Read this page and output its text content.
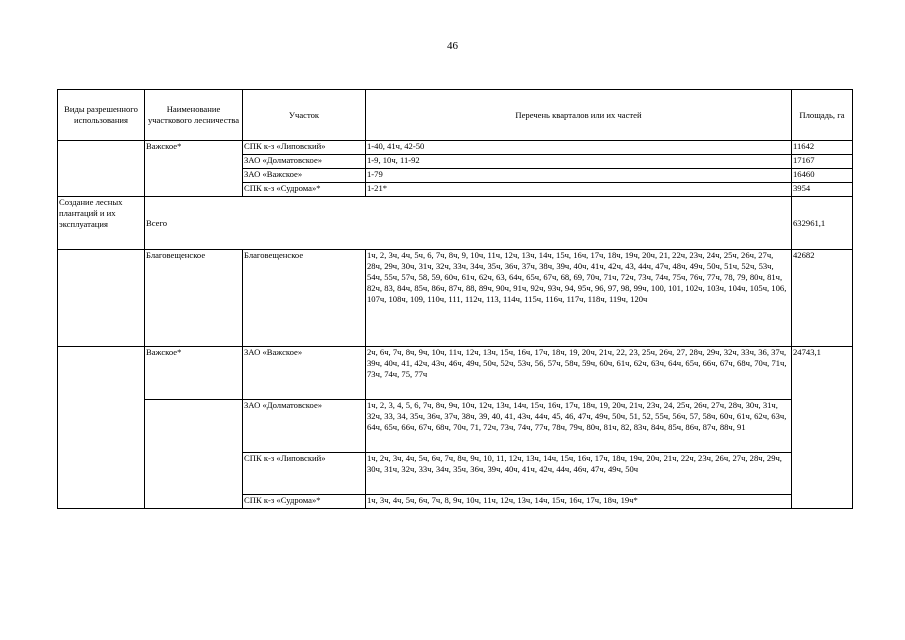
46
Виды разрешенного использования	Наименование участкового лесничества	Участок	Перечень кварталов или их частей	Площадь, га
	Важское*	СПК к-з «Липовский»	1-40, 41ч, 42-50	11642
		ЗАО «Долматовское»	1-9, 10ч, 11-92	17167
		ЗАО «Важское»	1-79	16460
		СПК к-з «Судрома»*	1-21*	3954
Создание лесных плантаций и их эксплуатация	Всего			632961,1
	Благовещенское	Благовещенское	1ч, 2, 3ч, 4ч, 5ч, 6, 7ч, 8ч, 9, 10ч, 11ч, 12ч, 13ч, 14ч, 15ч, 16ч, 17ч, 18ч, 19ч, 20ч, 21, 22ч, 23ч, 24ч, 25ч, 26ч, 27ч, 28ч, 29ч, 30ч, 31ч, 32ч, 33ч, 34ч, 35ч, 36ч, 37ч, 38ч, 39ч, 40ч, 41ч, 42ч, 43, 44ч, 47ч, 48ч, 49ч, 50ч, 51ч, 52ч, 53ч, 54ч, 55ч, 57ч, 58, 59, 60ч, 61ч, 62ч, 63, 64ч, 65ч, 67ч, 68, 69, 70ч, 71ч, 72ч, 73ч, 74ч, 75ч, 76ч, 77ч, 78, 79, 80ч, 81ч, 82ч, 83, 84ч, 85ч, 86ч, 87ч, 88, 89ч, 90ч, 91ч, 92ч, 93ч, 94, 95ч, 96, 97, 98, 99ч, 100, 101, 102ч, 103ч, 104ч, 105ч, 106, 107ч, 108ч, 109, 110ч, 111, 112ч, 113, 114ч, 115ч, 116ч, 117ч, 118ч, 119ч, 120ч	42682
	Важское*	ЗАО «Важское»	2ч, 6ч, 7ч, 8ч, 9ч, 10ч, 11ч, 12ч, 13ч, 15ч, 16ч, 17ч, 18ч, 19, 20ч, 21ч, 22, 23, 25ч, 26ч, 27, 28ч, 29ч, 32ч, 33ч, 36, 37ч, 39ч, 40ч, 41, 42ч, 43ч, 46ч, 49ч, 50ч, 52ч, 53ч, 56, 57ч, 58ч, 59ч, 60ч, 61ч, 62ч, 63ч, 64ч, 65ч, 66ч, 67ч, 68ч, 70ч, 71ч, 73ч, 74ч, 75, 77ч	24743,1
		ЗАО «Долматовское»	1ч, 2, 3, 4, 5, 6, 7ч, 8ч, 9ч, 10ч, 12ч, 13ч, 14ч, 15ч, 16ч, 17ч, 18ч, 19, 20ч, 21ч, 23ч, 24, 25ч, 26ч, 27ч, 28ч, 30ч, 31ч, 32ч, 33, 34, 35ч, 36ч, 37ч, 38ч, 39, 40, 41, 43ч, 44ч, 45, 46, 47ч, 49ч, 50ч, 51, 52, 55ч, 56ч, 57, 58ч, 60ч, 61ч, 62ч, 63ч, 64ч, 65ч, 66ч, 67ч, 68ч, 70ч, 71, 72ч, 73ч, 74ч, 77ч, 78ч, 79ч, 80ч, 81ч, 82, 83ч, 84ч, 85ч, 86ч, 87ч, 88ч, 91	
		СПК к-з «Липовский»	1ч, 2ч, 3ч, 4ч, 5ч, 6ч, 7ч, 8ч, 9ч, 10, 11, 12ч, 13ч, 14ч, 15ч, 16ч, 17ч, 18ч, 19ч, 20ч, 21ч, 22ч, 23ч, 26ч, 27ч, 28ч, 29ч, 30ч, 31ч, 32ч, 33ч, 34ч, 35ч, 36ч, 39ч, 40ч, 41ч, 42ч, 44ч, 46ч, 47ч, 49ч, 50ч	
		СПК к-з «Судрома»*	1ч, 3ч, 4ч, 5ч, 6ч, 7ч, 8, 9ч, 10ч, 11ч, 12ч, 13ч, 14ч, 15ч, 16ч, 17ч, 18ч, 19ч*	
